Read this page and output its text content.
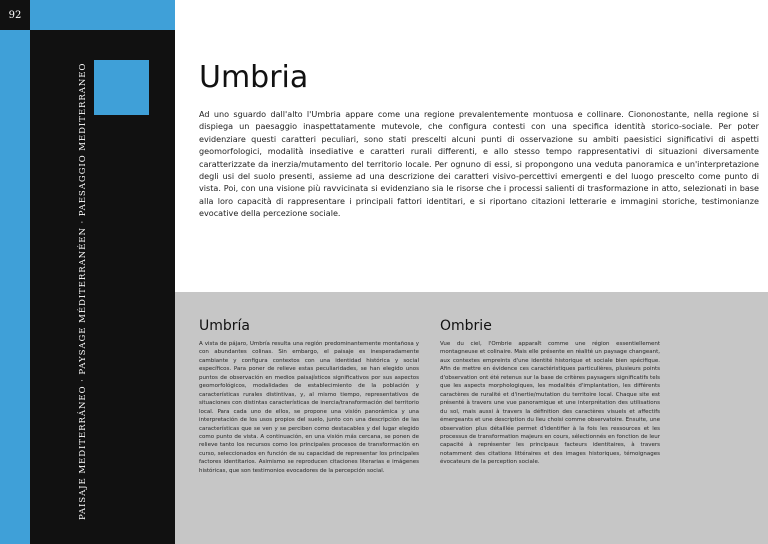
92
PAISAJE MEDITERRÁNEO · PAYSAGE MÉDITERRANÉEN · PAESAGGIO MEDITERRANEO	Umbria

Ad uno sguardo dall'alto l'Umbria appare come una regione prevalentemente montuosa e collinare. Ciononostante, nella regione si dispiega un paesaggio inaspettatamente mutevole, che configura contesti con una specifica identità storico-sociale. Per poter evidenziare questi caratteri peculiari, sono stati prescelti alcuni punti di osservazione su ambiti paesistici significativi di aspetti geomorfologici, modalità insediative e caratteri rurali differenti, e allo stesso tempo rappresentativi di situazioni diversamente caratterizzate da inerzia/mutamento del territorio locale. Per ognuno di essi, si propongono una veduta panoramica e un'interpretazione degli usi del suolo presenti, assieme ad una descrizione dei caratteri visivo-percettivi emergenti e del luogo prescelto come punto di vista. Poi, con una visione più ravvicinata si evidenziano sia le risorse che i processi salienti di trasformazione in atto, selezionati in base alla loro capacità di rappresentare i principali fattori identitari, e si riportano citazioni letterarie e immagini storiche, testimonianze evocative della percezione sociale.

Umbría

A vista de pájaro, Umbría resulta una región predominantemente montañosa y con abundantes colinas. Sin embargo, el paisaje es inesperadamente cambiante y configura contextos con una identidad histórica y social específicos. Para poner de relieve estas peculiaridades, se han elegido unos puntos de observación en medios paisajísticos significativos por sus aspectos geomorfológicos, modalidades de establecimiento de la población y características rurales distintivas, y, al mismo tiempo, representativos de situaciones con distintas características de inercia/transformación del territorio local. Para cada uno de ellos, se propone una visión panorámica y una interpretación de los usos propios del suelo, junto con una descripción de las características que se ven y se perciben como destacables y del lugar elegido como punto de vista. A continuación, en una visión más cercana, se ponen de relieve tanto los recursos como los principales procesos de transformación en curso, seleccionados en función de su capacidad de representar los principales factores identitarios. Asimismo se reproducen citaciones literarias e imágenes históricas, que son testimonios evocadores de la percepción social.

Ombrie

Vue du ciel, l'Ombrie apparaît comme une région essentiellement montagneuse et colinaire. Mais elle présente en réalité un paysage changeant, aux contextes empreints d'une identité historique et sociale bien spécifique. Afin de mettre en évidence ces caractéristiques particulières, plusieurs points d'observation ont été retenus sur la base de critères paysagers significatifs tels que les aspects morphologiques, les modalités d'implantation, les différents caractères de ruralité et d'inertie/mutation du territoire local. Chaque site est présenté à travers une vue panoramique et une interprétation des utilisations du sol, mais aussi à travers la définition des caractères visuels et affectifs émergeants et une description du lieu choisi comme observatoire. Ensuite, une observation plus détaillée permet d'identifier à la fois les ressources et les processus de transformation majeurs en cours, sélectionnés en fonction de leur capacité à représenter les principaux facteurs identitaires, à travers notamment des citations littéraires et des images historiques, témoignages évocateurs de la perception sociale.
